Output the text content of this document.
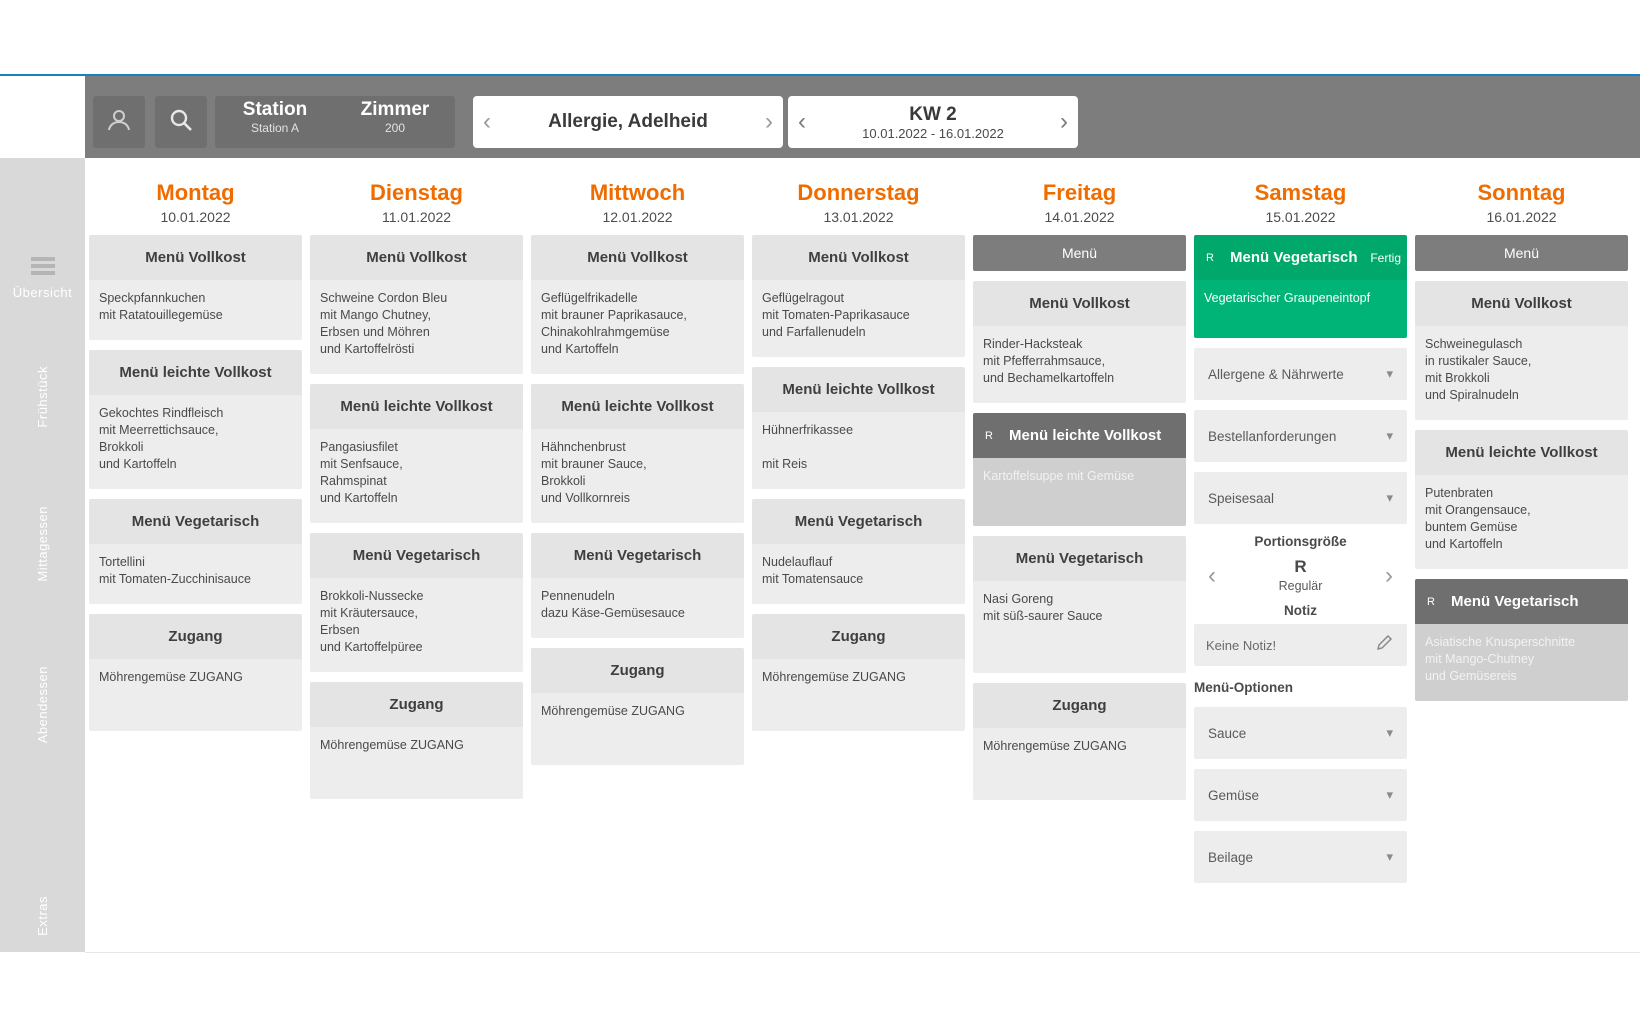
Übersicht
Frühstück
Mittagessen
Abendessen
Extras
Station
Station A
Zimmer
200	‹	Allergie, Adelheid › ‹	KW 2
10.01.2022 - 16.01.2022	›
Montag
10.01.2022
Menü Vollkost
Speckpfannkuchen
mit Ratatouillegemüse
Menü leichte Vollkost
Gekochtes Rindfleisch
mit Meerrettichsauce,
Brokkoli
und Kartoffeln
Menü Vegetarisch
Tortellini
mit Tomaten-Zucchinisauce
Zugang
Möhrengemüse ZUGANG
Dienstag
11.01.2022
Menü Vollkost
Schweine Cordon Bleu
mit Mango Chutney,
Erbsen und Möhren
und Kartoffelrösti
Menü leichte Vollkost
Pangasiusfilet
mit Senfsauce,
Rahmspinat
und Kartoffeln
Menü Vegetarisch
Brokkoli-Nussecke
mit Kräutersauce,
Erbsen
und Kartoffelpüree
Zugang
Möhrengemüse ZUGANG
Mittwoch
12.01.2022
Menü Vollkost
Geflügelfrikadelle
mit brauner Paprikasauce,
Chinakohlrahmgemüse
und Kartoffeln
Menü leichte Vollkost
Hähnchenbrust
mit brauner Sauce,
Brokkoli
und Vollkornreis
Menü Vegetarisch
Pennenudeln
dazu Käse-Gemüsesauce
Zugang
Möhrengemüse ZUGANG
Donnerstag
13.01.2022
Menü Vollkost
Geflügelragout
mit Tomaten-Paprikasauce
und Farfallenudeln
Menü leichte Vollkost
Hühnerfrikassee
mit Reis
Menü Vegetarisch
Nudelauflauf
mit Tomatensauce
Zugang
Möhrengemüse ZUGANG
Freitag
14.01.2022
Menü
Menü Vollkost
Rinder-Hacksteak
mit Pfefferrahmsauce,
und Bechamelkartoffeln
R Menü leichte Vollkost
Kartoffelsuppe mit Gemüse
Menü Vegetarisch
Nasi Goreng
mit süß-saurer Sauce
Zugang
Möhrengemüse ZUGANG
Samstag
15.01.2022
R Menü Vegetarisch Fertig
Vegetarischer Graupeneintopf
Allergene & Nährwerte	▾
Bestellanforderungen	▾
Speisesaal	▾
Portionsgröße
‹	R
Regulär	›
Notiz
Keine Notiz!
Menü-Optionen
Sauce	▾
Gemüse	▾
Beilage	▾
Sonntag
16.01.2022
Menü
Menü Vollkost
Schweinegulasch
in rustikaler Sauce,
mit Brokkoli
und Spiralnudeln
Menü leichte Vollkost
Putenbraten
mit Orangensauce,
buntem Gemüse
und Kartoffeln
R Menü Vegetarisch
Asiatische Knusperschnitte
mit Mango-Chutney
und Gemüsereis
